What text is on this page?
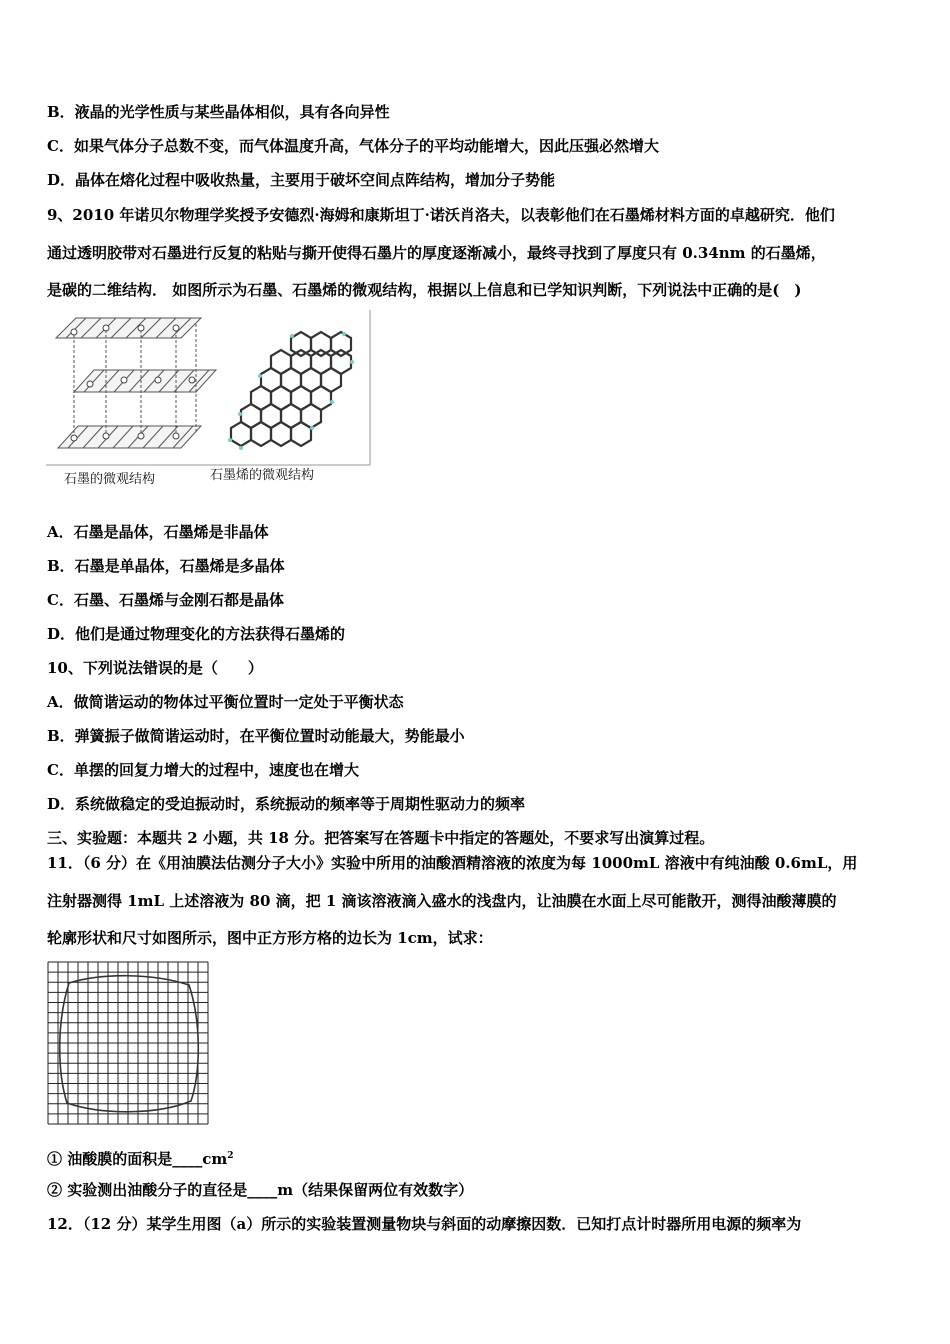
B．液晶的光学性质与某些晶体相似，具有各向异性
C．如果气体分子总数不变，而气体温度升高，气体分子的平均动能增大，因此压强必然增大
D．晶体在熔化过程中吸收热量，主要用于破坏空间点阵结构，增加分子势能
9、2010 年诺贝尔物理学奖授予安德烈·海姆和康斯坦丁·诺沃肖洛夫，以表彰他们在石墨烯材料方面的卓越研究．他们
通过透明胶带对石墨进行反复的粘贴与撕开使得石墨片的厚度逐渐减小，最终寻找到了厚度只有 0.34nm 的石墨烯，
是碳的二维结构． 如图所示为石墨、石墨烯的微观结构，根据以上信息和已学知识判断，下列说法中正确的是(　)
石墨的微观结构	石墨烯的微观结构
A．石墨是晶体，石墨烯是非晶体
B．石墨是单晶体，石墨烯是多晶体
C．石墨、石墨烯与金刚石都是晶体
D．他们是通过物理变化的方法获得石墨烯的
10、下列说法错误的是（　　）
A．做简谐运动的物体过平衡位置时一定处于平衡状态
B．弹簧振子做简谐运动时，在平衡位置时动能最大，势能最小
C．单摆的回复力增大的过程中，速度也在增大
D．系统做稳定的受迫振动时，系统振动的频率等于周期性驱动力的频率
三、实验题：本题共 2 小题，共 18 分。把答案写在答题卡中指定的答题处，不要求写出演算过程。
11．（6 分）在《用油膜法估测分子大小》实验中所用的油酸酒精溶液的浓度为每 1000mL 溶液中有纯油酸 0.6mL，用
注射器测得 1mL 上述溶液为 80 滴，把 1 滴该溶液滴入盛水的浅盘内，让油膜在水面上尽可能散开，测得油酸薄膜的
轮廓形状和尺寸如图所示，图中正方形方格的边长为 1cm，试求：
① 油酸膜的面积是$\_\_\_\_cm^2$
② 实验测出油酸分子的直径是____m（结果保留两位有效数字）
12．（12 分）某学生用图（a）所示的实验装置测量物块与斜面的动摩擦因数．已知打点计时器所用电源的频率为
